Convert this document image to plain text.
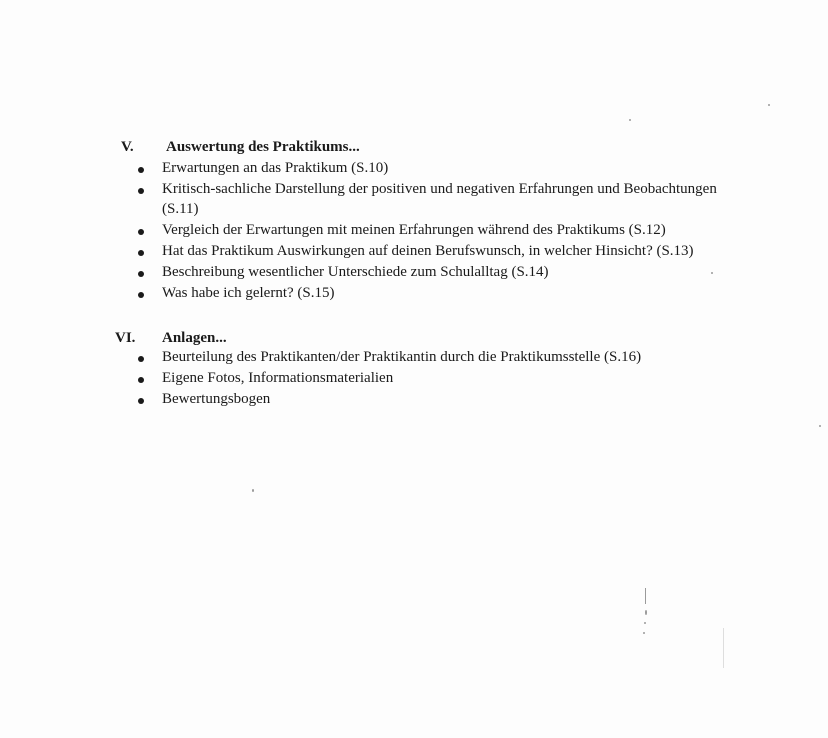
V. Auswertung des Praktikums...
Erwartungen an das Praktikum (S.10)
Kritisch-sachliche Darstellung der positiven und negativen Erfahrungen und Beobachtungen (S.11)
Vergleich der Erwartungen mit meinen Erfahrungen während des Praktikums (S.12)
Hat das Praktikum Auswirkungen auf deinen Berufswunsch, in welcher Hinsicht? (S.13)
Beschreibung wesentlicher Unterschiede zum Schulalltag (S.14)
Was habe ich gelernt? (S.15)
VI. Anlagen...
Beurteilung des Praktikanten/der Praktikantin durch die Praktikumsstelle (S.16)
Eigene Fotos, Informationsmaterialien
Bewertungsbogen
